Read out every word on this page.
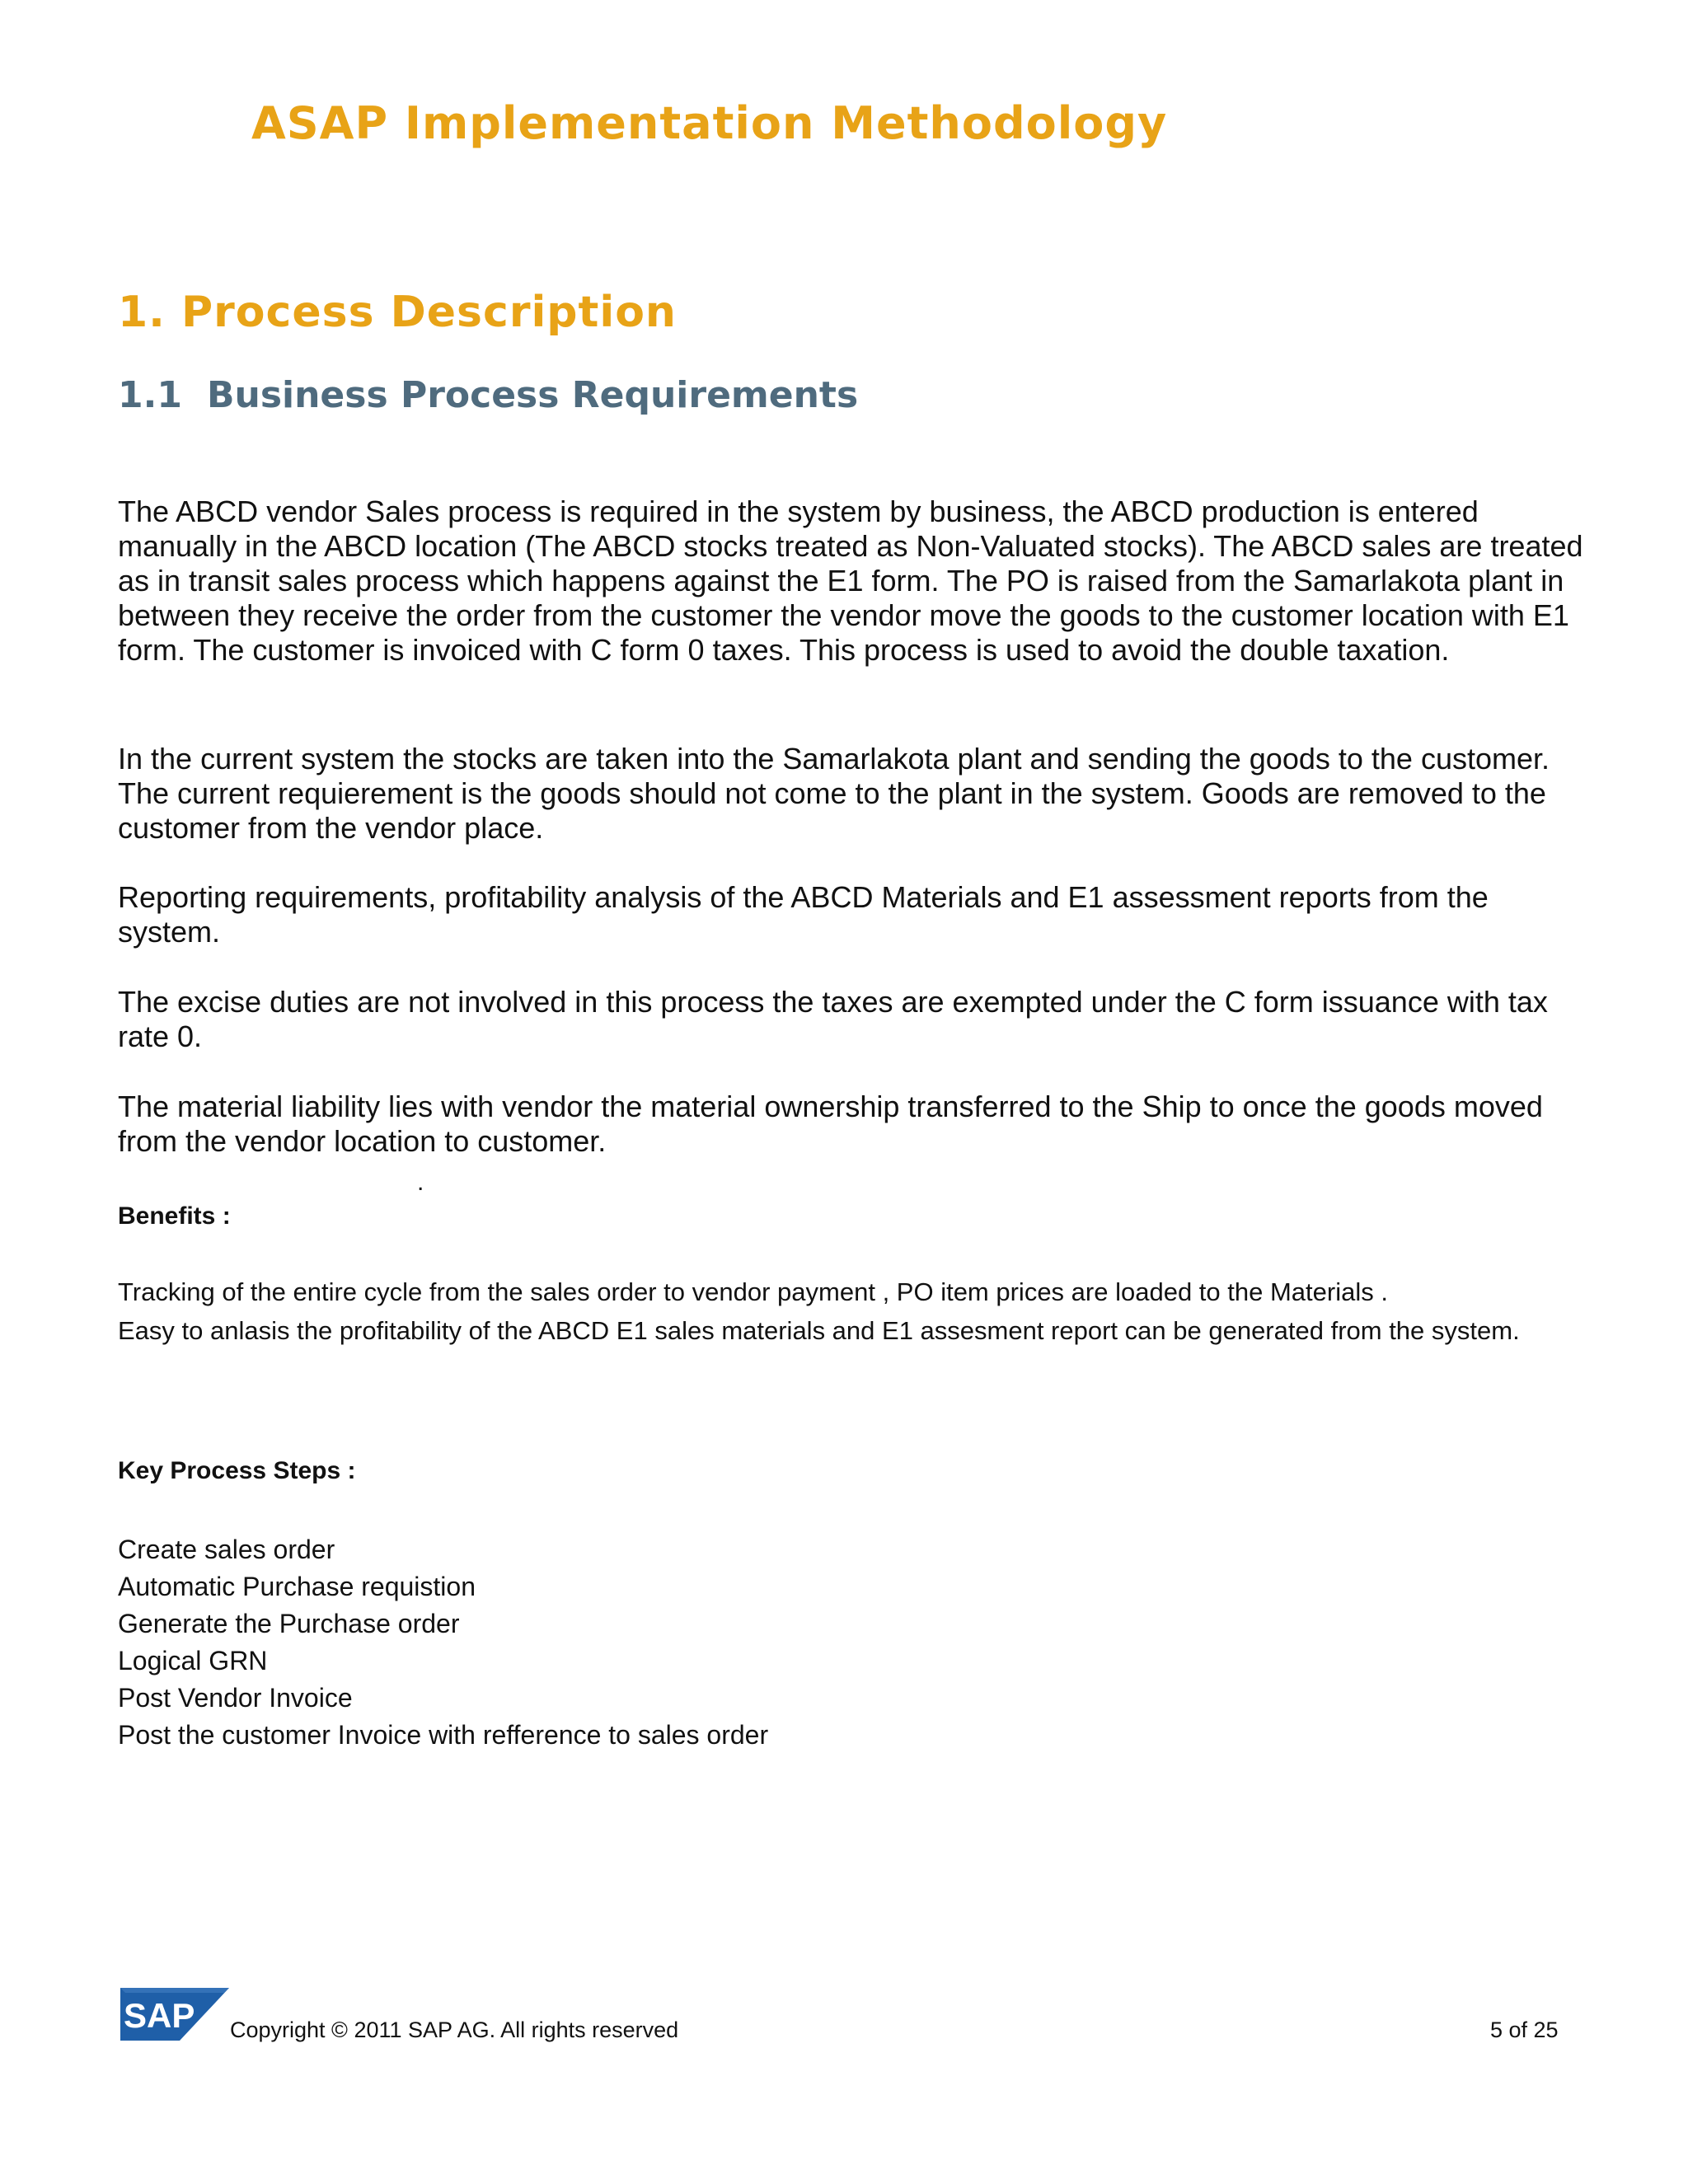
ASAP Implementation Methodology
1. Process Description
1.1 Business Process Requirements

The ABCD vendor Sales process is required in the system by business, the ABCD production is entered manually in the ABCD location (The ABCD stocks treated as Non-Valuated stocks). The ABCD sales are treated as in transit sales process which happens against the E1 form. The PO is raised from the Samarlakota plant in between they receive the order from the customer the vendor move the goods to the customer location with E1 form. The customer is invoiced with C form 0 taxes. This process is used to avoid the double taxation.

In the current system the stocks are taken into the Samarlakota plant and sending the goods to the customer. The current requierement is the goods should not come to the plant in the system. Goods are removed to the customer from the vendor place.

Reporting requirements, profitability analysis of the ABCD Materials and E1 assessment reports from the system.

The excise duties are not involved in this process the taxes are exempted under the C form issuance with tax rate 0.

The material liability lies with vendor the material ownership transferred to the Ship to once the goods moved from the vendor location to customer.

.
Benefits :

Tracking of the entire cycle from the sales order to vendor payment , PO item prices are loaded to the Materials .

Easy to anlasis the profitability of the ABCD E1 sales materials and E1 assesment report can be generated from the system.

Key Process Steps :
Create sales order
Automatic Purchase requistion
Generate the Purchase order
Logical GRN
Post Vendor Invoice
Post the customer Invoice with refference to sales order
SAP Copyright © 2011 SAP AG. All rights reserved	5 of 25
